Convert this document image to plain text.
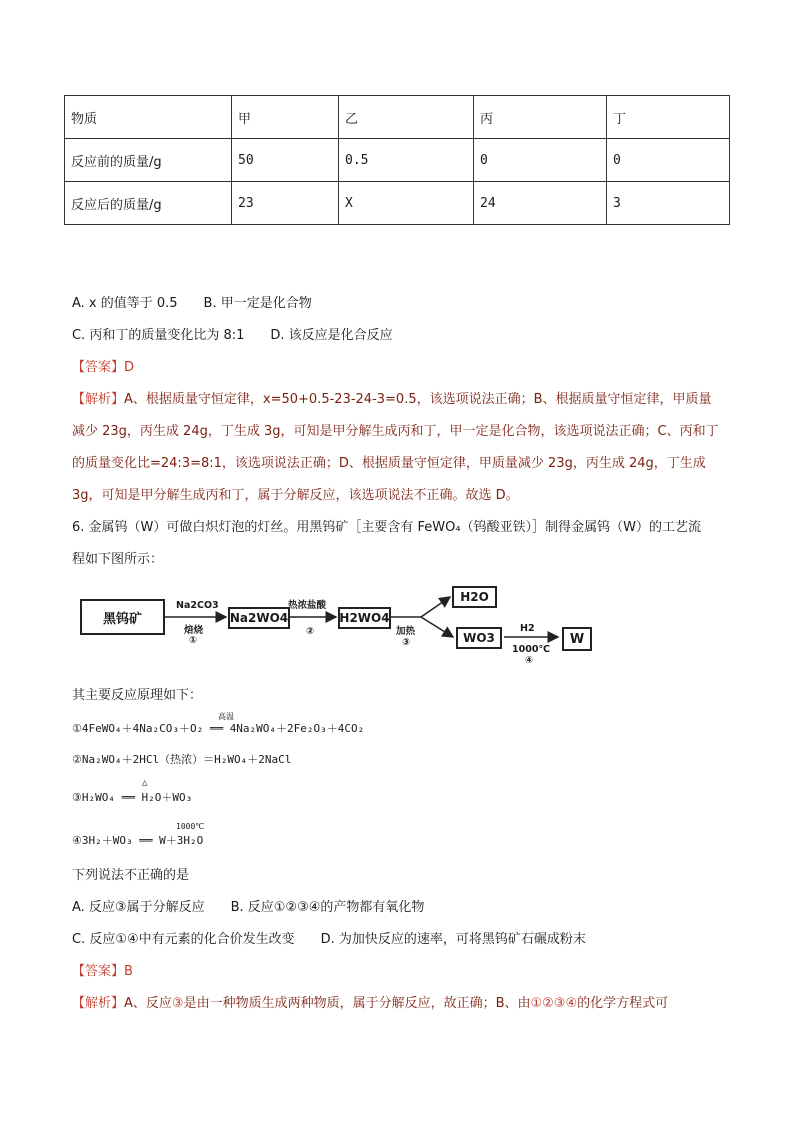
物质	甲	乙	丙	丁
反应前的质量/g	50	0.5	0	0
反应后的质量/g	23	X	24	3
A. x 的值等于 0.5　　B. 甲一定是化合物
C. 丙和丁的质量变化比为 8:1　　D. 该反应是化合反应
【答案】D
【解析】A、根据质量守恒定律，x=50+0.5-23-24-3=0.5，该选项说法正确；B、根据质量守恒定律，甲质量减少 23g，丙生成 24g，丁生成 3g，可知是甲分解生成丙和丁，甲一定是化合物，该选项说法正确；C、丙和丁的质量变化比=24:3=8:1，该选项说法正确；D、根据质量守恒定律，甲质量减少 23g，丙生成 24g，丁生成 3g，可知是甲分解生成丙和丁，属于分解反应，该选项说法不正确。故选 D。
6. 金属钨（W）可做白炽灯泡的灯丝。用黑钨矿［主要含有 FeWO₄（钨酸亚铁）］制得金属钨（W）的工艺流
程如下图所示：
黑钨矿
Na2CO3
焙烧
①
Na2WO4
热浓盐酸
②
H2WO4
加热
③
H2O
WO3
H2
1000℃
④
W
其主要反应原理如下：
高温
①4FeWO₄＋4Na₂CO₃＋O₂ ══ 4Na₂WO₄＋2Fe₂O₃＋4CO₂
②Na₂WO₄＋2HCl（热浓）＝H₂WO₄＋2NaCl
△
③H₂WO₄ ══ H₂O＋WO₃
1000℃
④3H₂＋WO₃ ══ W＋3H₂O
下列说法不正确的是
A. 反应③属于分解反应　　B. 反应①②③④的产物都有氧化物
C. 反应①④中有元素的化合价发生改变　　D. 为加快反应的速率，可将黑钨矿石碾成粉末
【答案】B
【解析】A、反应③是由一种物质生成两种物质，属于分解反应，故正确；B、由①②③④的化学方程式可
